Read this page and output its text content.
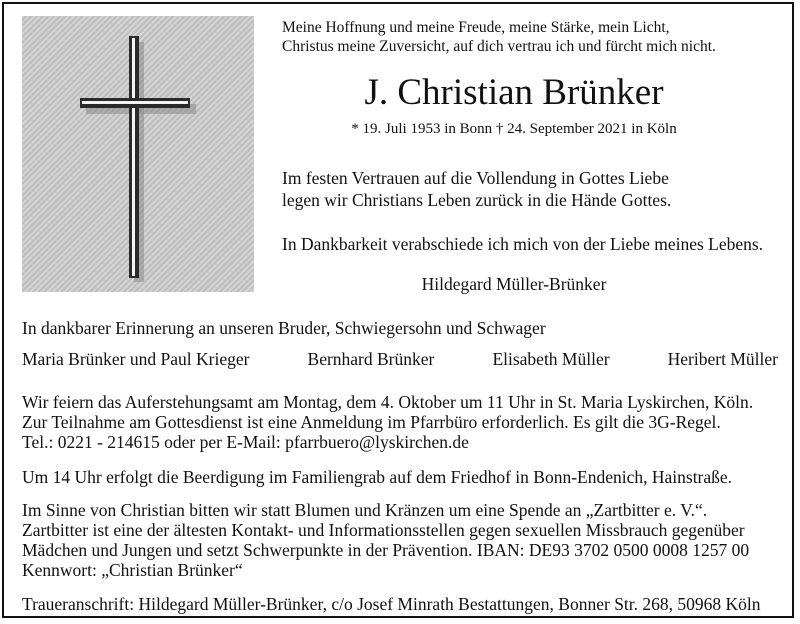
Meine Hoffnung und meine Freude, meine Stärke, mein Licht,
Christus meine Zuversicht, auf dich vertrau ich und fürcht mich nicht.
J. Christian Brünker
* 19. Juli 1953 in Bonn † 24. September 2021 in Köln
Im festen Vertrauen auf die Vollendung in Gottes Liebe
legen wir Christians Leben zurück in die Hände Gottes.
In Dankbarkeit verabschiede ich mich von der Liebe meines Lebens.
Hildegard Müller-Brünker
In dankbarer Erinnerung an unseren Bruder, Schwiegersohn und Schwager
Maria Brünker und Paul Krieger	Bernhard Brünker	Elisabeth Müller	Heribert Müller
Wir feiern das Auferstehungsamt am Montag, dem 4. Oktober um 11 Uhr in St. Maria Lyskirchen, Köln.
Zur Teilnahme am Gottesdienst ist eine Anmeldung im Pfarrbüro erforderlich. Es gilt die 3G-Regel.
Tel.: 0221 - 214615 oder per E-Mail: pfarrbuero@lyskirchen.de
Um 14 Uhr erfolgt die Beerdigung im Familiengrab auf dem Friedhof in Bonn-Endenich, Hainstraße.
Im Sinne von Christian bitten wir statt Blumen und Kränzen um eine Spende an „Zartbitter e. V.“.
Zartbitter ist eine der ältesten Kontakt- und Informationsstellen gegen sexuellen Missbrauch gegenüber
Mädchen und Jungen und setzt Schwerpunkte in der Prävention. IBAN: DE93 3702 0500 0008 1257 00
Kennwort: „Christian Brünker“
Traueranschrift: Hildegard Müller-Brünker, c/o Josef Minrath Bestattungen, Bonner Str. 268, 50968 Köln
